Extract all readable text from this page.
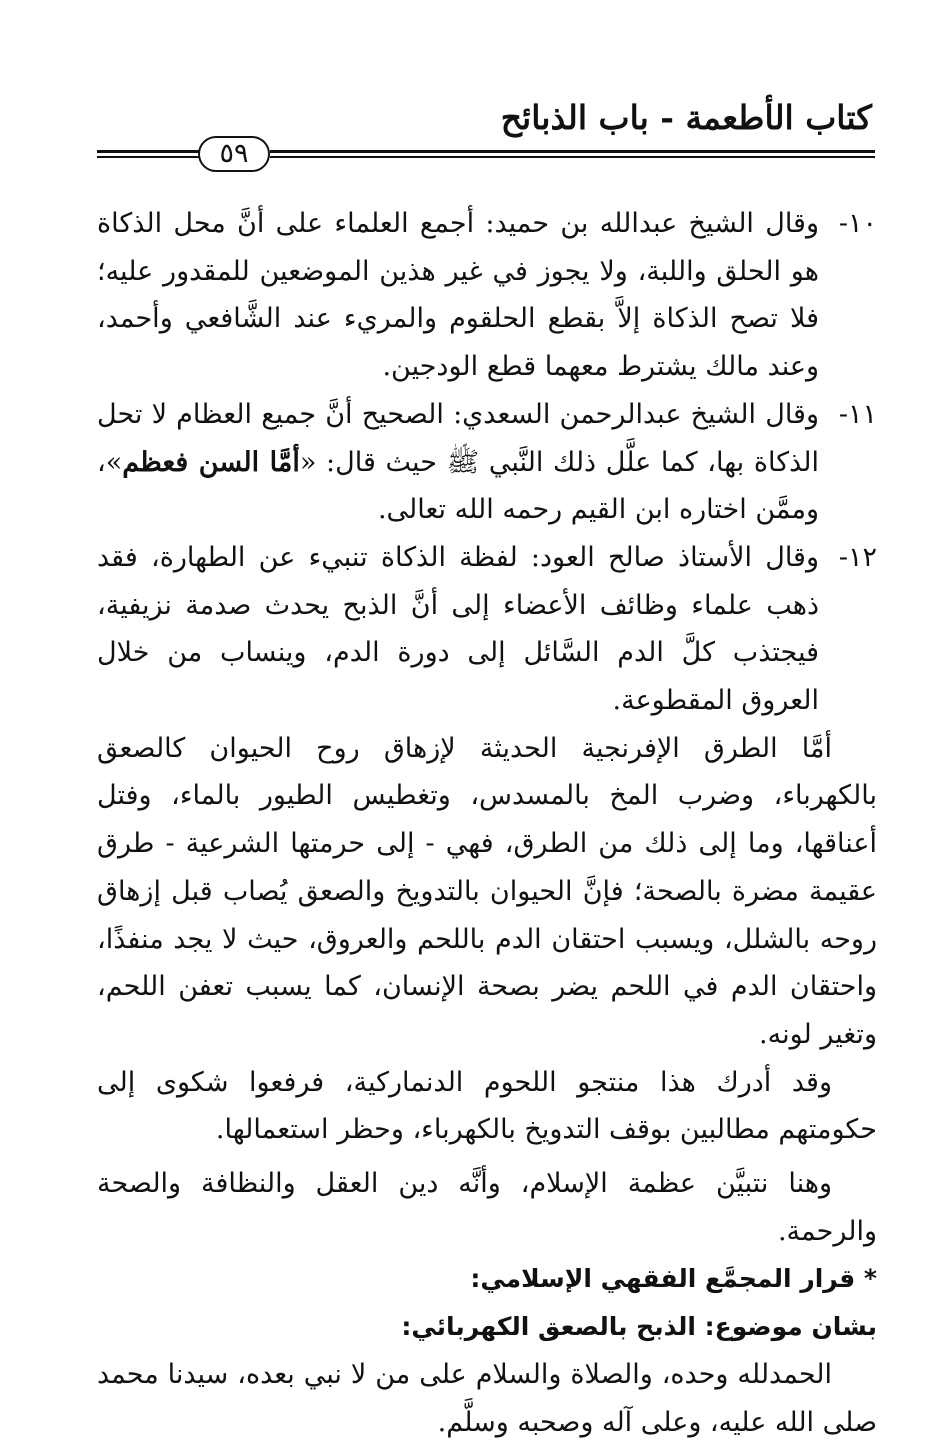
كتاب الأطعمة - باب الذبائح
٥٩
١٠-
وقال الشيخ عبدالله بن حميد: أجمع العلماء على أنَّ محل الذكاة هو الحلق واللبة، ولا يجوز في غير هذين الموضعين للمقدور عليه؛ فلا تصح الذكاة إلاَّ بقطع الحلقوم والمريء عند الشَّافعي وأحمد، وعند مالك يشترط معهما قطع الودجين.
١١-
وقال الشيخ عبدالرحمن السعدي: الصحيح أنَّ جميع العظام لا تحل الذكاة بها، كما علَّل ذلك النَّبي ﷺ حيث قال: «أمَّا السن فعظم»، وممَّن اختاره ابن القيم رحمه الله تعالى.
١٢-
وقال الأستاذ صالح العود: لفظة الذكاة تنبيء عن الطهارة، فقد ذهب علماء وظائف الأعضاء إلى أنَّ الذبح يحدث صدمة نزيفية، فيجتذب كلَّ الدم السَّائل إلى دورة الدم، وينساب من خلال العروق المقطوعة.
أمَّا الطرق الإفرنجية الحديثة لإزهاق روح الحيوان كالصعق بالكهرباء، وضرب المخ بالمسدس، وتغطيس الطيور بالماء، وفتل أعناقها، وما إلى ذلك من الطرق، فهي - إلى حرمتها الشرعية - طرق عقيمة مضرة بالصحة؛ فإنَّ الحيوان بالتدويخ والصعق يُصاب قبل إزهاق روحه بالشلل، ويسبب احتقان الدم باللحم والعروق، حيث لا يجد منفذًا، واحتقان الدم في اللحم يضر بصحة الإنسان، كما يسبب تعفن اللحم، وتغير لونه.
وقد أدرك هذا منتجو اللحوم الدنماركية، فرفعوا شكوى إلى حكومتهم مطالبين بوقف التدويخ بالكهرباء، وحظر استعمالها.
وهنا نتبيَّن عظمة الإسلام، وأنَّه دين العقل والنظافة والصحة والرحمة.
* قرار المجمَّع الفقهي الإسلامي:
بشان موضوع: الذبح بالصعق الكهربائي:
الحمدلله وحده، والصلاة والسلام على من لا نبي بعده، سيدنا محمد صلى الله عليه، وعلى آله وصحبه وسلَّم.
